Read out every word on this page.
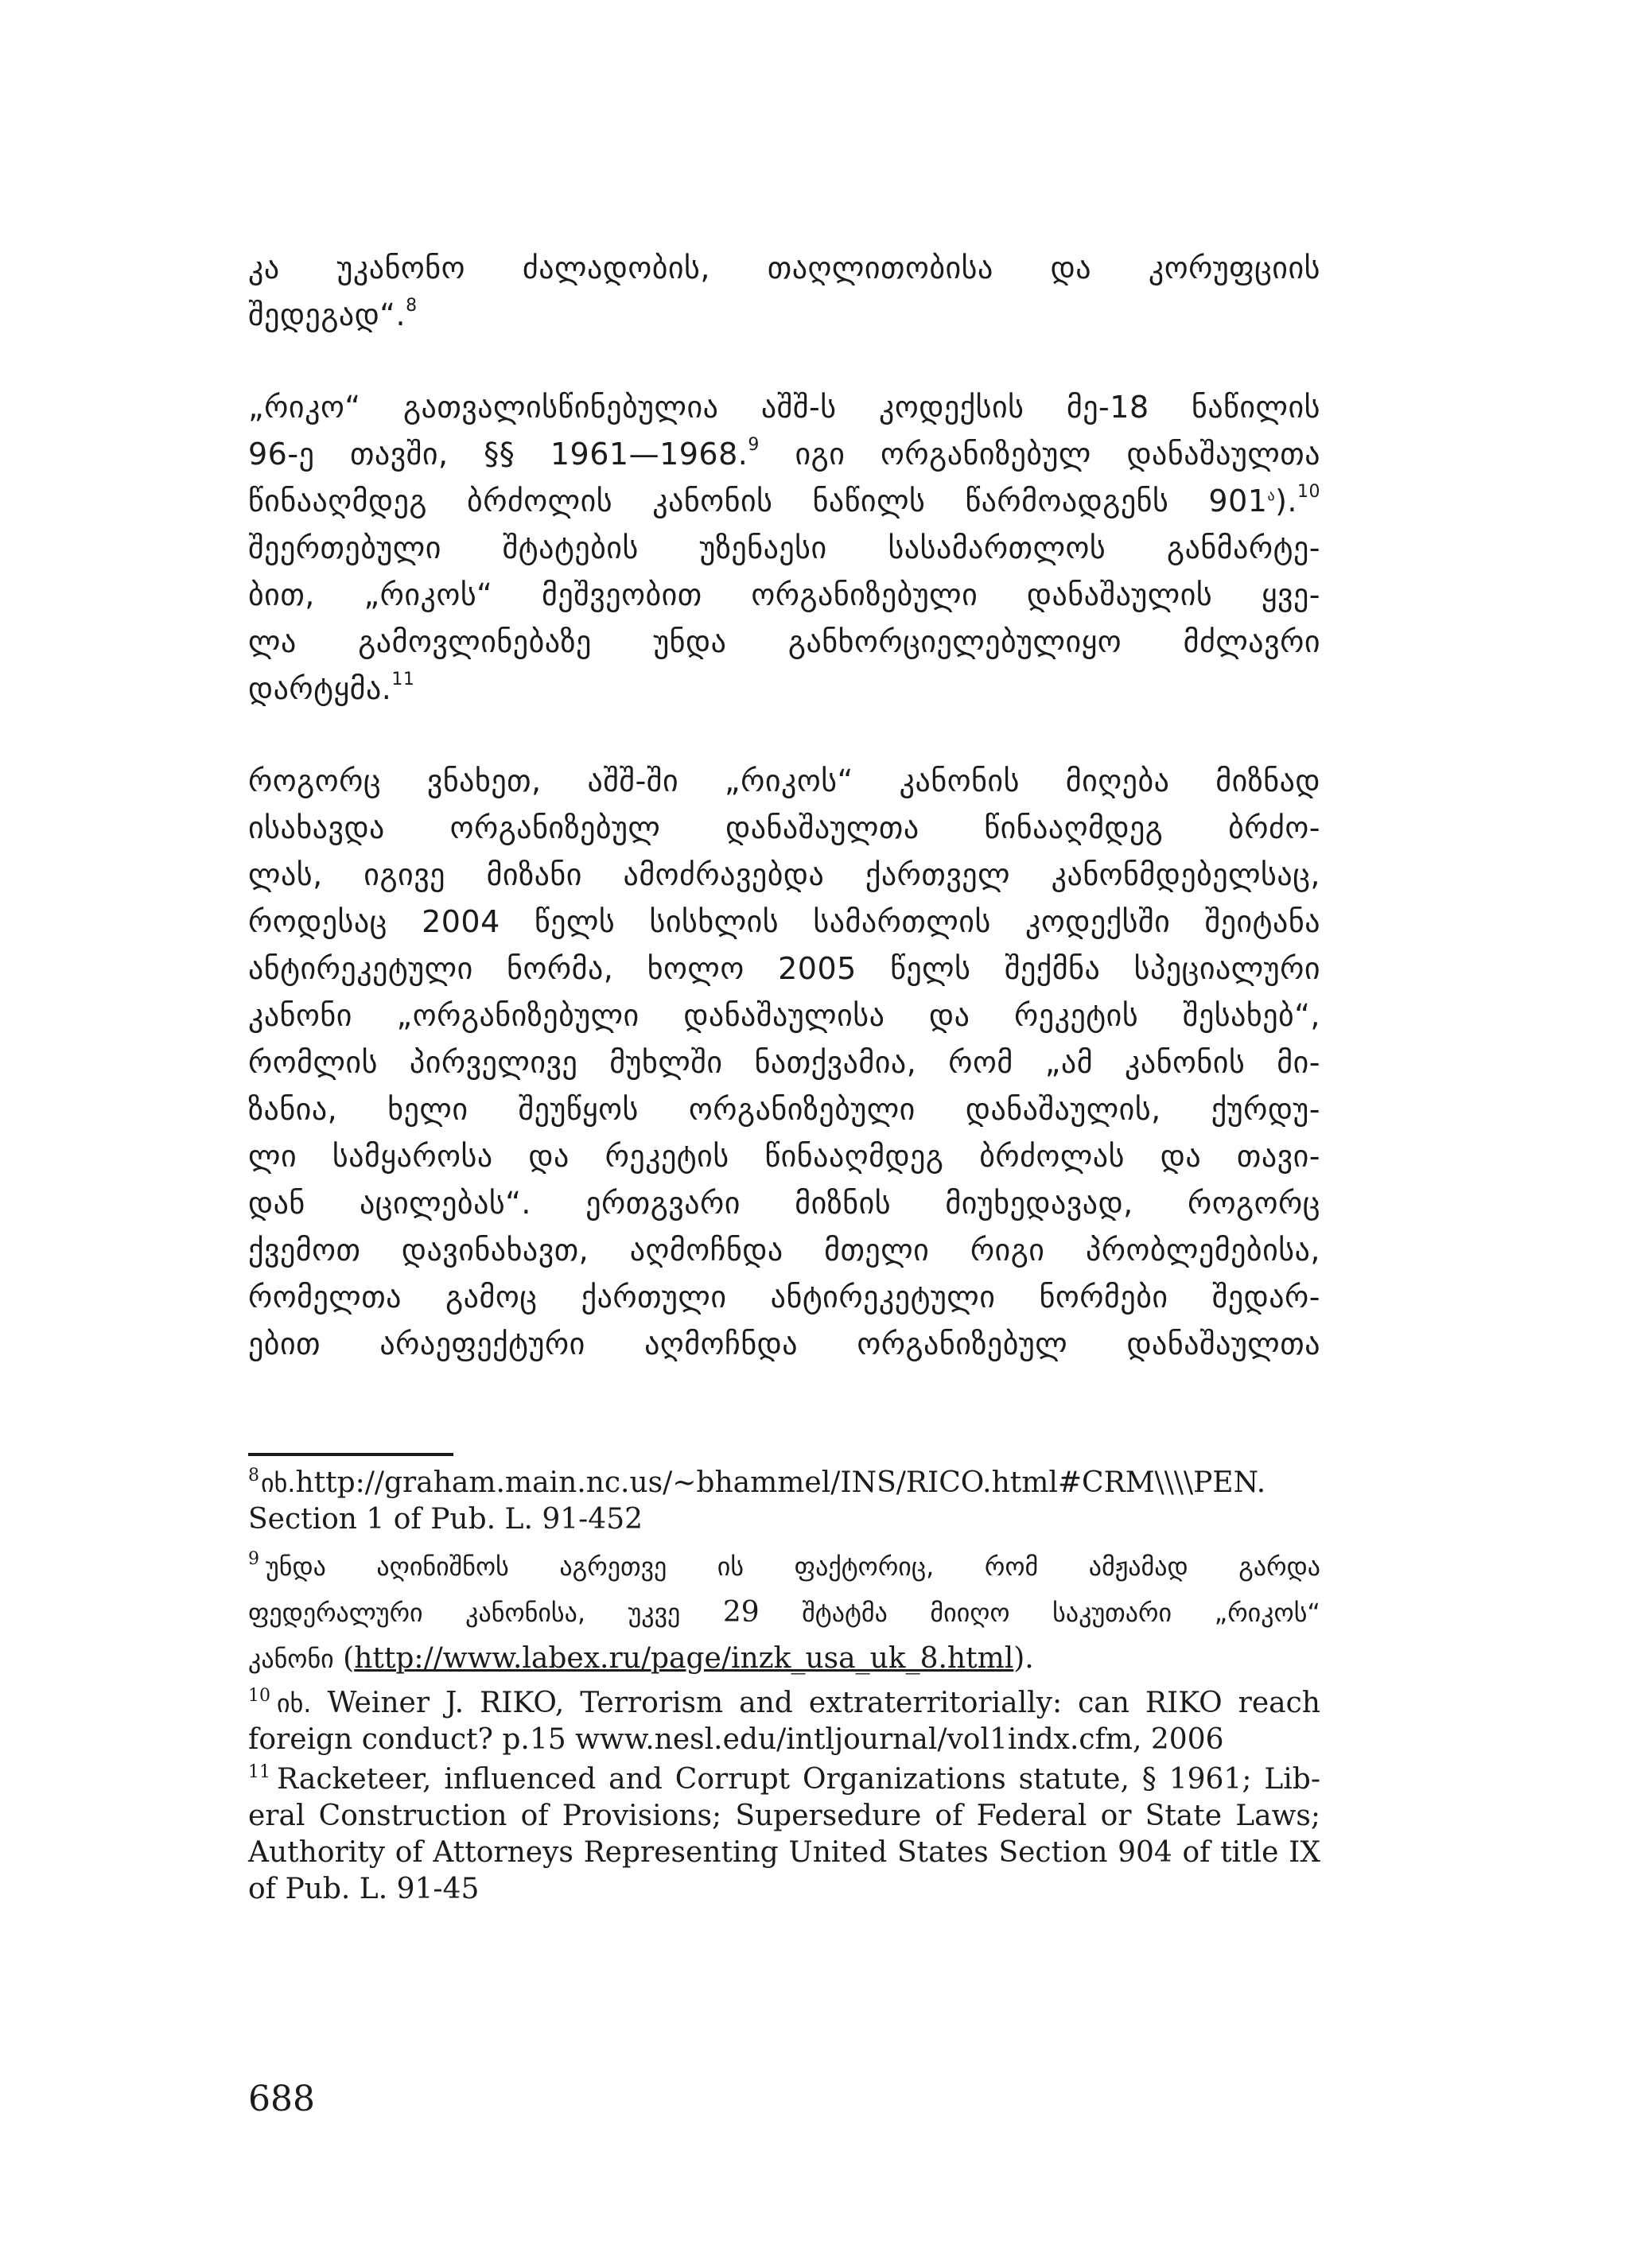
კა უკანონო ძალადობის, თაღლითობისა და კორუფციის

შედეგად“.$^8$

„რიკო“ გათვალისწინებულია აშშ-ს კოდექსის მე-18 ნაწილის

96-ე თავში, §§ 1961—1968.$^9$ იგი ორგანიზებულ დანაშაულთა

წინააღმდეგ ბრძოლის კანონის ნაწილს წარმოადგენს $901^ა).^{10}$

შეერთებული შტატების უზენაესი სასამართლოს განმარტე-

ბით, „რიკოს“ მეშვეობით ორგანიზებული დანაშაულის ყვე-

ლა გამოვლინებაზე უნდა განხორციელებულიყო მძლავრი

დარტყმა.$^{11}$

როგორც ვნახეთ, აშშ-ში „რიკოს“ კანონის მიღება მიზნად

ისახავდა ორგანიზებულ დანაშაულთა წინააღმდეგ ბრძო-

ლას, იგივე მიზანი ამოძრავებდა ქართველ კანონმდებელსაც,

როდესაც 2004 წელს სისხლის სამართლის კოდექსში შეიტანა

ანტირეკეტული ნორმა, ხოლო 2005 წელს შექმნა სპეციალური

კანონი „ორგანიზებული დანაშაულისა და რეკეტის შესახებ“,

რომლის პირველივე მუხლში ნათქვამია, რომ „ამ კანონის მი-

ზანია, ხელი შეუწყოს ორგანიზებული დანაშაულის, ქურდუ-

ლი სამყაროსა და რეკეტის წინააღმდეგ ბრძოლას და თავი-

დან აცილებას“. ერთგვარი მიზნის მიუხედავად, როგორც

ქვემოთ დავინახავთ, აღმოჩნდა მთელი რიგი პრობლემებისა,

რომელთა გამოც ქართული ანტირეკეტული ნორმები შედარ-

ებით არაეფექტური აღმოჩნდა ორგანიზებულ დანაშაულთა

$^8$იხ.http://graham.main.nc.us/~bhammel/INS/RICO.html#CRM\\\\PEN.

Section 1 of Pub. L. 91-452

$^9$ უნდა აღინიშნოს აგრეთვე ის ფაქტორიც, რომ ამჟამად გარდა

ფედერალური კანონისა, უკვე 29 შტატმა მიიღო საკუთარი „რიკოს“

კანონი (http://www.labex.ru/page/inzk_usa_uk_8.html).

$^{10}$ იხ. Weiner J. RIKO, Terrorism and extraterritorially: can RIKO reach

foreign conduct? p.15 www.nesl.edu/intljournal/vol1indx.cfm, 2006

$^{11}$ Racketeer, influenced and Corrupt Organizations statute, § 1961; Lib-

eral Construction of Provisions; Supersedure of Federal or State Laws;

Authority of Attorneys Representing United States Section 904 of title IX

of Pub. L. 91-45

688
